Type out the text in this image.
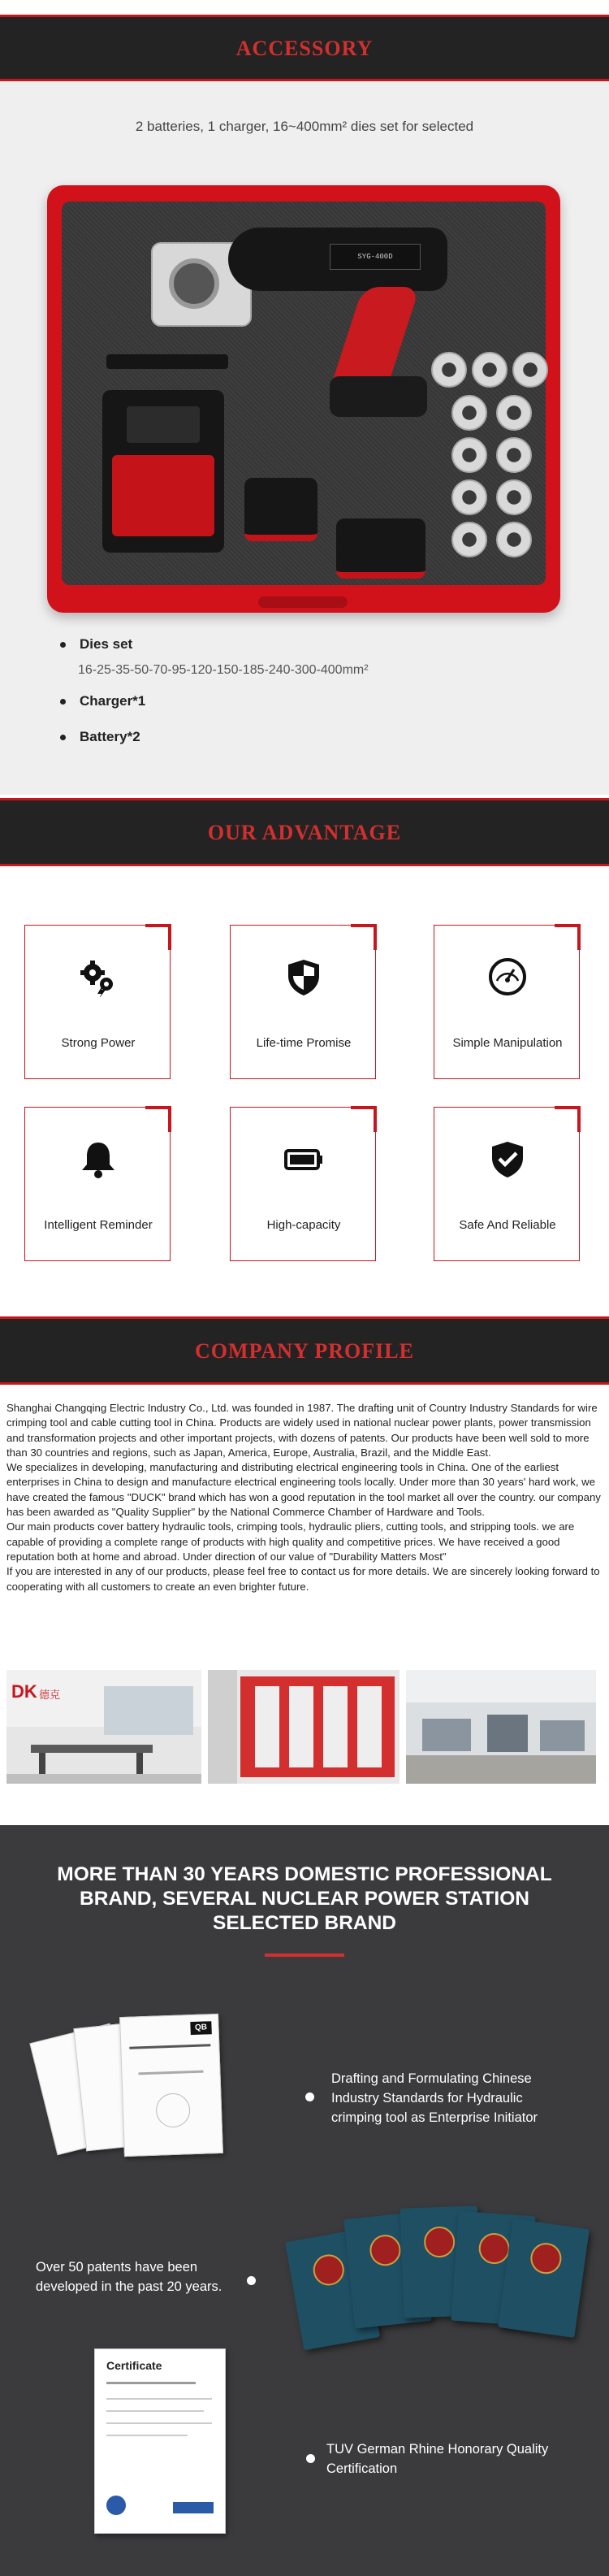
ACCESSORY
2 batteries, 1 charger, 16~400mm² dies set for selected
SYG-400D
Dies set
16-25-35-50-70-95-120-150-185-240-300-400mm²
Charger*1
Battery*2
OUR ADVANTAGE
Strong Power	Life-time Promise	Simple Manipulation
Intelligent Reminder	High-capacity	Safe And Reliable
COMPANY PROFILE
Shanghai Changqing Electric Industry Co., Ltd. was founded in 1987. The drafting unit of Country Industry Standards for wire crimping tool and cable cutting tool in China. Products are widely used in national nuclear power plants, power transmission and transformation projects and other important projects, with dozens of patents. Our products have been well sold to more than 30 countries and regions, such as Japan, America, Europe, Australia, Brazil, and the Middle East.
We specializes in developing, manufacturing and distributing electrical engineering tools in China. One of the earliest enterprises in China to design and manufacture electrical engineering tools locally. Under more than 30 years' hard work, we have created the famous "DUCK" brand which has won a good reputation in the tool market all over the country. our company has been awarded as "Quality Supplier" by the National Commerce Chamber of Hardware and Tools.
Our main products cover battery hydraulic tools, crimping tools, hydraulic pliers, cutting tools, and stripping tools. we are capable of providing a complete range of products with high quality and competitive prices. We have received a good reputation both at home and abroad. Under direction of our value of "Durability Matters Most"
If you are interested in any of our products, please feel free to contact us for more details. We are sincerely looking forward to cooperating with all customers to create an even brighter future.
DK 德克
MORE THAN 30 YEARS DOMESTIC PROFESSIONAL BRAND, SEVERAL NUCLEAR POWER STATION SELECTED BRAND
QB
Drafting and Formulating Chinese Industry Standards for Hydraulic crimping tool as Enterprise Initiator
Over 50 patents have been developed in the past 20 years.
Certificate
TUV German Rhine Honorary Quality Certification
